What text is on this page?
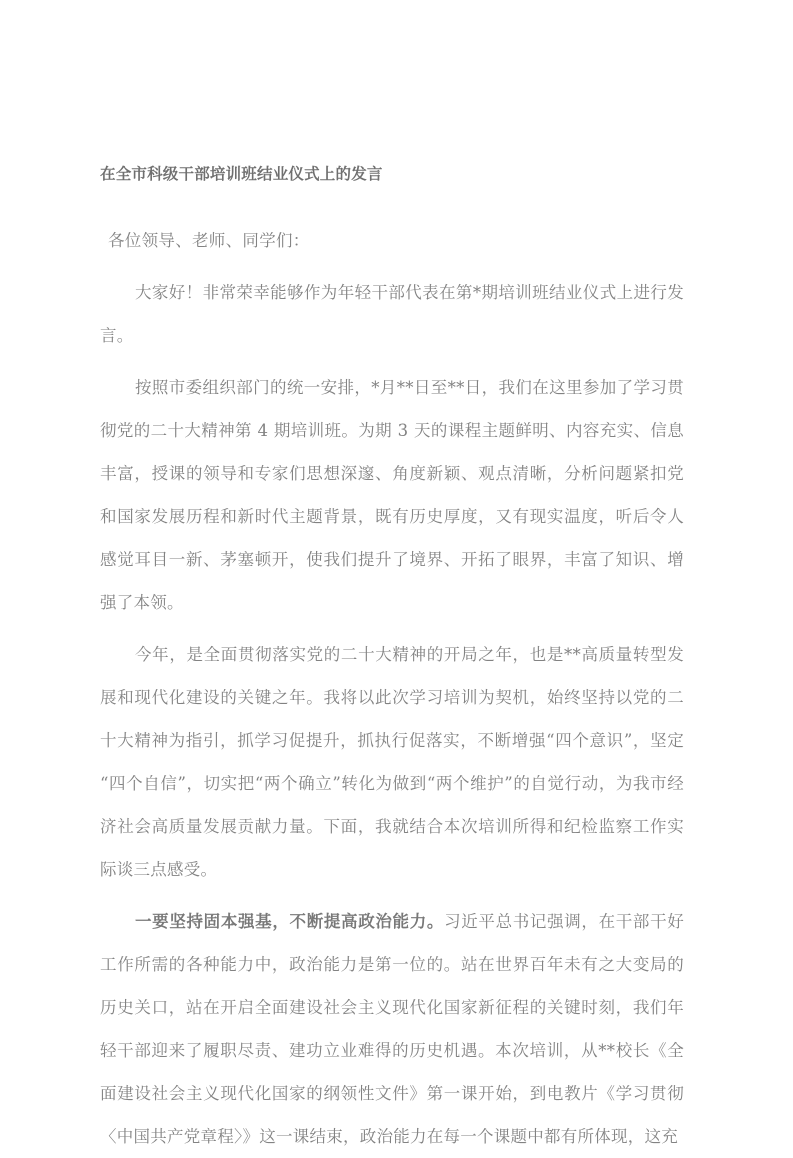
在全市科级干部培训班结业仪式上的发言

各位领导、老师、同学们：

大家好！非常荣幸能够作为年轻干部代表在第*期培训班结业仪式上进行发言。

按照市委组织部门的统一安排，*月**日至**日，我们在这里参加了学习贯彻党的二十大精神第 4 期培训班。为期 3 天的课程主题鲜明、内容充实、信息丰富，授课的领导和专家们思想深邃、角度新颖、观点清晰，分析问题紧扣党和国家发展历程和新时代主题背景，既有历史厚度，又有现实温度，听后令人感觉耳目一新、茅塞顿开，使我们提升了境界、开拓了眼界，丰富了知识、增强了本领。

今年，是全面贯彻落实党的二十大精神的开局之年，也是**高质量转型发展和现代化建设的关键之年。我将以此次学习培训为契机，始终坚持以党的二十大精神为指引，抓学习促提升，抓执行促落实，不断增强“四个意识”，坚定“四个自信”，切实把“两个确立”转化为做到“两个维护”的自觉行动，为我市经济社会高质量发展贡献力量。下面，我就结合本次培训所得和纪检监察工作实际谈三点感受。

一要坚持固本强基，不断提高政治能力。习近平总书记强调，在干部干好工作所需的各种能力中，政治能力是第一位的。站在世界百年未有之大变局的历史关口，站在开启全面建设社会主义现代化国家新征程的关键时刻，我们年轻干部迎来了履职尽责、建功立业难得的历史机遇。本次培训，从**校长《全面建设社会主义现代化国家的纲领性文件》第一课开始，到电教片《学习贯彻〈中国共产党章程〉》这一课结束，政治能力在每一个课题中都有所体现，这充
